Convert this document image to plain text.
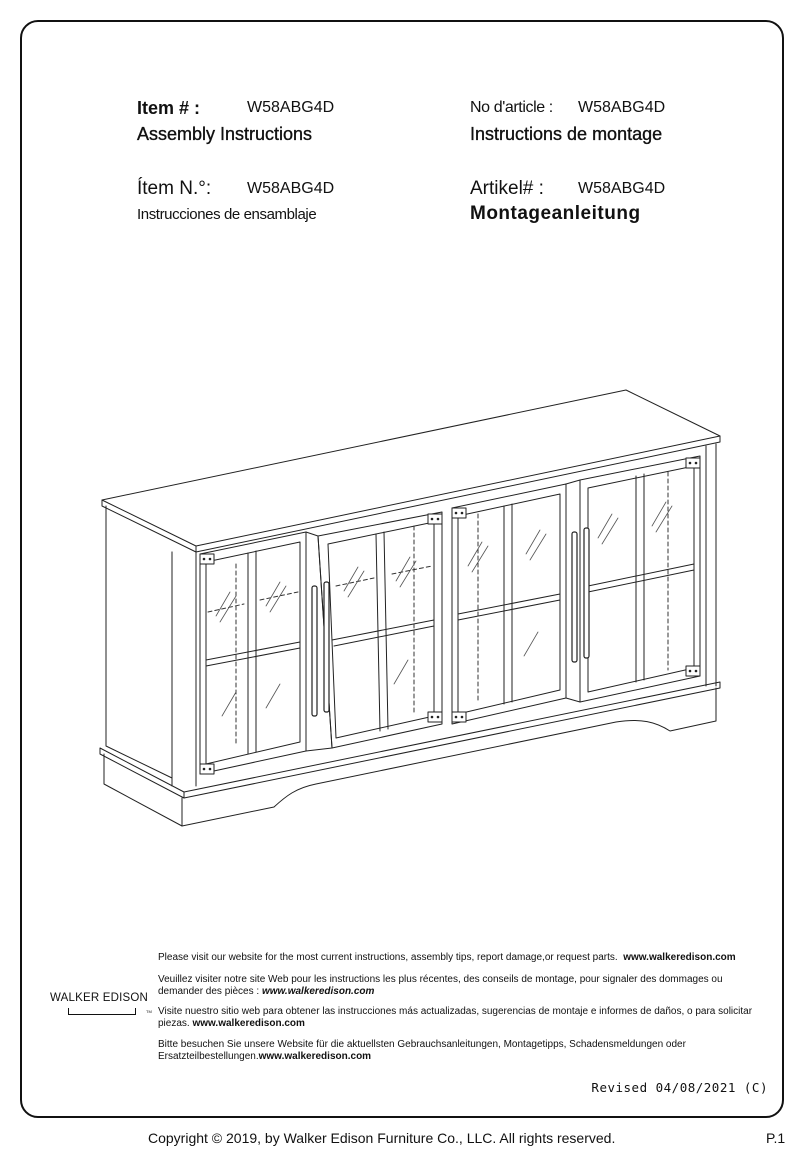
Item # :	W58ABG4D
Assembly Instructions
No d'article : W58ABG4D
Instructions de montage
Ítem N.°: W58ABG4D
Instrucciones de ensamblaje
Artikel# : W58ABG4D
Montageanleitung
WALKER EDISON
TM

Please visit our website for the most current instructions, assembly tips, report damage,or request parts. www.walkeredison.com

Veuillez visiter notre site Web pour les instructions les plus récentes, des conseils de montage, pour signaler des dommages ou demander des pièces : www.walkeredison.com

Visite nuestro sitio web para obtener las instrucciones más actualizadas, sugerencias de montaje e informes de daños, o para solicitar piezas. www.walkeredison.com

Bitte besuchen Sie unsere Website für die aktuellsten Gebrauchsanleitungen, Montagetipps, Schadensmeldungen oder Ersatzteilbestellungen.www.walkeredison.com

Revised 04/08/2021 (C)
Copyright © 2019, by Walker Edison Furniture Co., LLC. All rights reserved.	P.1
